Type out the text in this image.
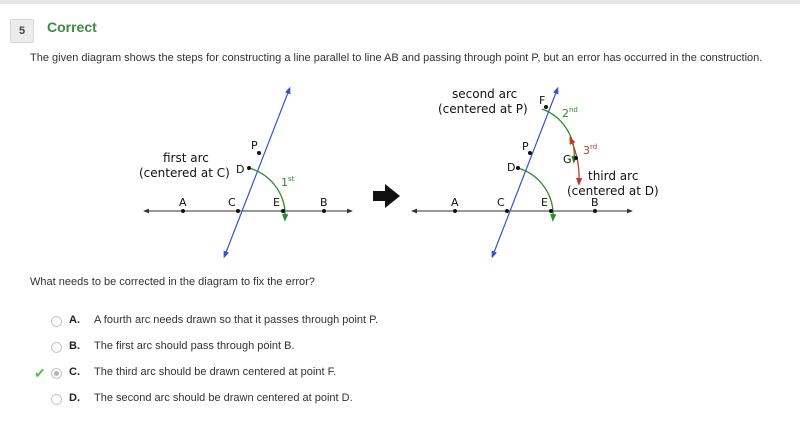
5	Correct
The given diagram shows the steps for constructing a line parallel to line AB and passing through point P, but an error has occurred in the construction.
A	C	E	B
P
D
first arc
(centered at C)
1st
A	C	E	B
P
D
F
G
second arc
(centered at P)
third arc
(centered at D)
2nd
3rd
What needs to be corrected in the diagram to fix the error?
A. A fourth arc needs drawn so that it passes through point P.
B. The first arc should pass through point B.
✔ C. The third arc should be drawn centered at point F.
D. The second arc should be drawn centered at point D.
